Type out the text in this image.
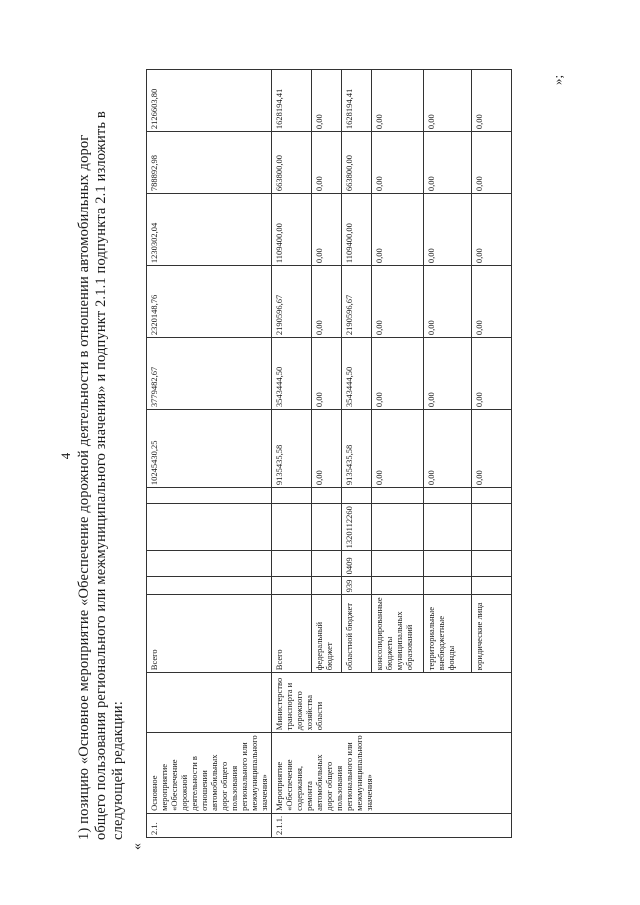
4 1) позицию «Основное мероприятие «Обеспечение дорожной деятельности в отношении автомобильных дорог общего пользования регионального или межмуниципального значения» и подпункт 2.1.1 подпункта 2.1 изложить в следующей редакции:

«
2.1.	Основное мероприятие «Обеспечение дорожной деятельности в отношении автомобильных дорог общего пользования регионального или межмуниципального значения»		Всего					10245430,25	3779482,67	2320148,76	1230302,04	788892,98	2126603,80
2.1.1.	Мероприятие «Обеспечение содержания, ремонта автомобильных дорог общего пользования регионального или межмуниципального значения»	Министерство транспорта и дорожного хозяйства области	Всего					9135435,58	3543444,50	2190596,67	1109400,00	663800,00	1628194,41
			федеральный бюджет					0,00	0,00	0,00	0,00	0,00	0,00
			областной бюджет	939	0409	1320112260		9135435,58	3543444,50	2190596,67	1109400,00	663800,00	1628194,41
			консолидированные бюджеты муниципальных образований					0,00	0,00	0,00	0,00	0,00	0,00
			территориальные внебюджетные фонды					0,00	0,00	0,00	0,00	0,00	0,00
			юридические лица					0,00	0,00	0,00	0,00	0,00	0,00
»;
